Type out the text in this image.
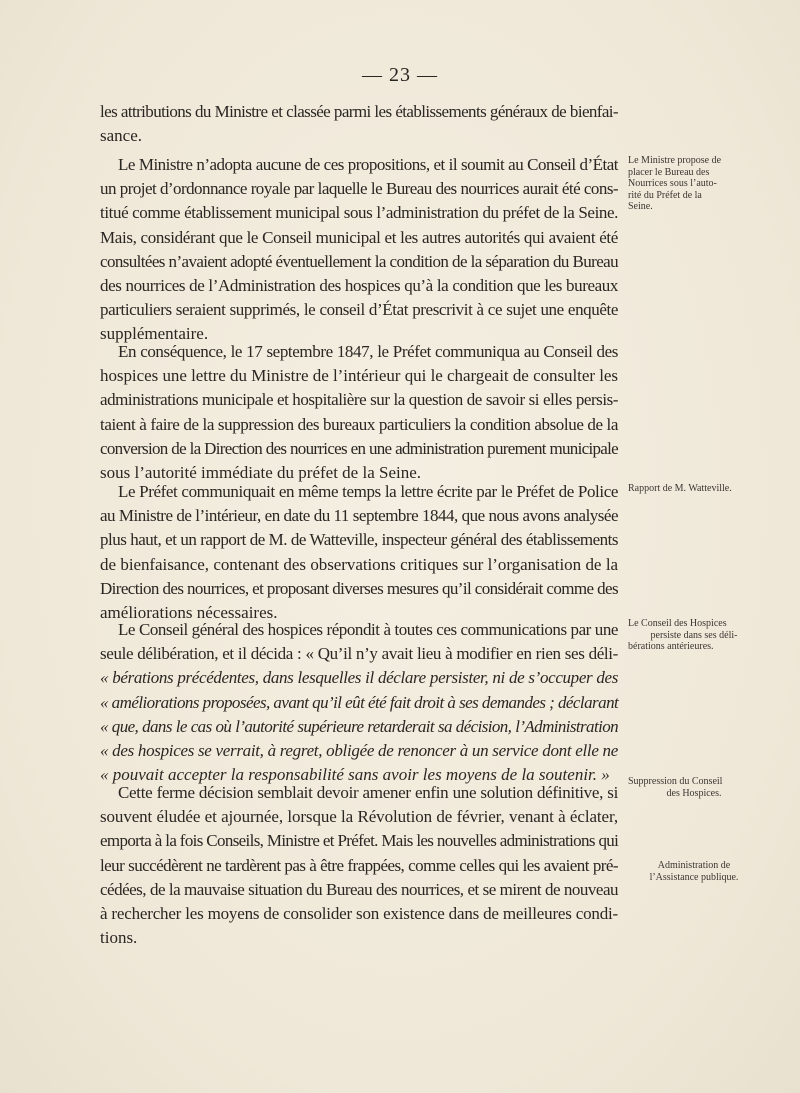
— 23 —
les attributions du Ministre et classée parmi les établissements généraux de bienfai-
sance.
Le Ministre n’adopta aucune de ces propositions, et il soumit au Conseil d’État
un projet d’ordonnance royale par laquelle le Bureau des nourrices aurait été cons-
titué comme établissement municipal sous l’administration du préfet de la Seine.
Mais, considérant que le Conseil municipal et les autres autorités qui avaient été
consultées n’avaient adopté éventuellement la condition de la séparation du Bureau
des nourrices de l’Administration des hospices qu’à la condition que les bureaux
particuliers seraient supprimés, le conseil d’État prescrivit à ce sujet une enquête
supplémentaire.
En conséquence, le 17 septembre 1847, le Préfet communiqua au Conseil des
hospices une lettre du Ministre de l’intérieur qui le chargeait de consulter les
administrations municipale et hospitalière sur la question de savoir si elles persis-
taient à faire de la suppression des bureaux particuliers la condition absolue de la
conversion de la Direction des nourrices en une administration purement municipale
sous l’autorité immédiate du préfet de la Seine.
Le Préfet communiquait en même temps la lettre écrite par le Préfet de Police
au Ministre de l’intérieur, en date du 11 septembre 1844, que nous avons analysée
plus haut, et un rapport de M. de Watteville, inspecteur général des établissements
de bienfaisance, contenant des observations critiques sur l’organisation de la
Direction des nourrices, et proposant diverses mesures qu’il considérait comme des
améliorations nécessaires.
Le Conseil général des hospices répondit à toutes ces communications par une
seule délibération, et il décida : « Qu’il n’y avait lieu à modifier en rien ses déli-
« bérations précédentes, dans lesquelles il déclare persister, ni de s’occuper des
« améliorations proposées, avant qu’il eût été fait droit à ses demandes ; déclarant
« que, dans le cas où l’autorité supérieure retarderait sa décision, l’Administration
« des hospices se verrait, à regret, obligée de renoncer à un service dont elle ne
« pouvait accepter la responsabilité sans avoir les moyens de la soutenir. »
Cette ferme décision semblait devoir amener enfin une solution définitive, si
souvent éludée et ajournée, lorsque la Révolution de février, venant à éclater,
emporta à la fois Conseils, Ministre et Préfet. Mais les nouvelles administrations qui
leur succédèrent ne tardèrent pas à être frappées, comme celles qui les avaient pré-
cédées, de la mauvaise situation du Bureau des nourrices, et se mirent de nouveau
à rechercher les moyens de consolider son existence dans de meilleures condi-
tions.
Le Ministre propose de
placer le Bureau des
Nourrices sous l’auto-
rité du Préfet de la
Seine.
Rapport de M. Watteville.
Le Conseil des Hospices
persiste dans ses déli-
bérations antérieures.
Suppression du Conseil
des Hospices.
Administration de
l’Assistance publique.
